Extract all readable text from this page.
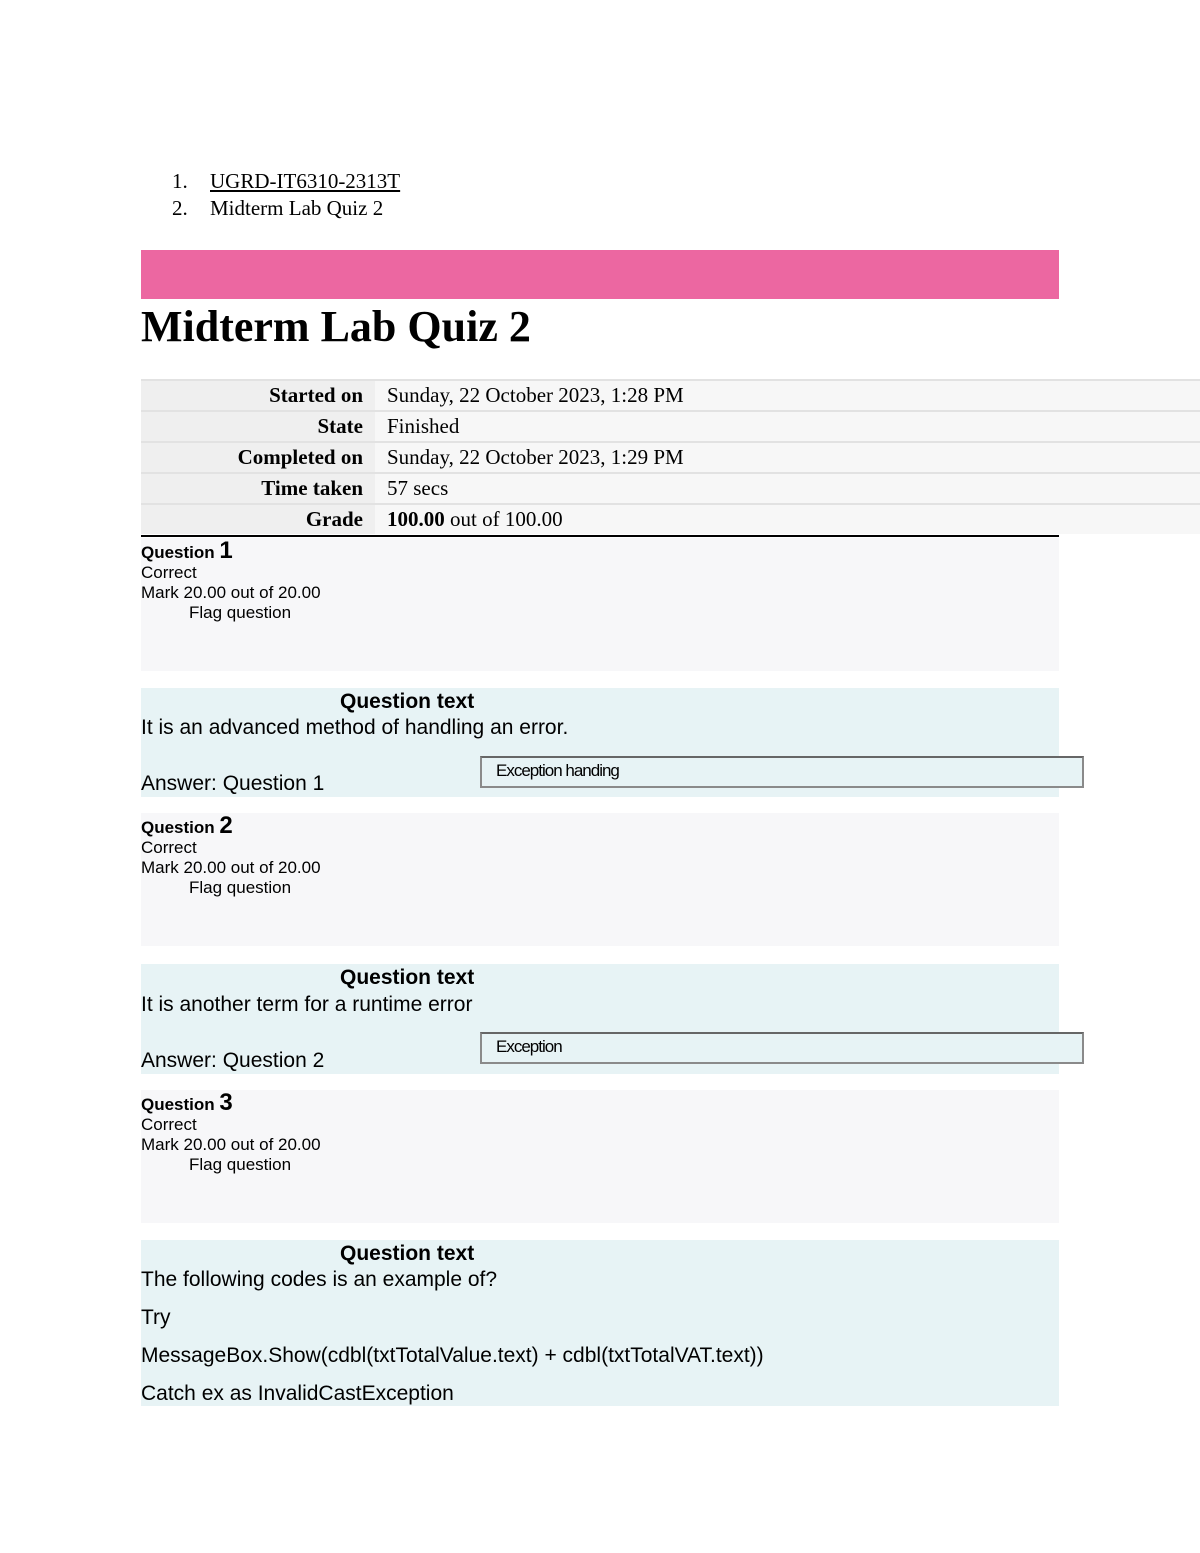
1.	UGRD-IT6310-2313T
2.	Midterm Lab Quiz 2
Midterm Lab Quiz 2
Started on	Sunday, 22 October 2023, 1:28 PM
State	Finished
Completed on	Sunday, 22 October 2023, 1:29 PM
Time taken	57 secs
Grade	100.00 out of 100.00
Question 1
Correct
Mark 20.00 out of 20.00
Flag question
Question text
It is an advanced method of handling an error.
Answer: Question 1
Exception handing
Question 2
Correct
Mark 20.00 out of 20.00
Flag question
Question text
It is another term for a runtime error
Answer: Question 2
Exception
Question 3
Correct
Mark 20.00 out of 20.00
Flag question
Question text
The following codes is an example of?
Try
MessageBox.Show(cdbl(txtTotalValue.text) + cdbl(txtTotalVAT.text))
Catch ex as InvalidCastException
